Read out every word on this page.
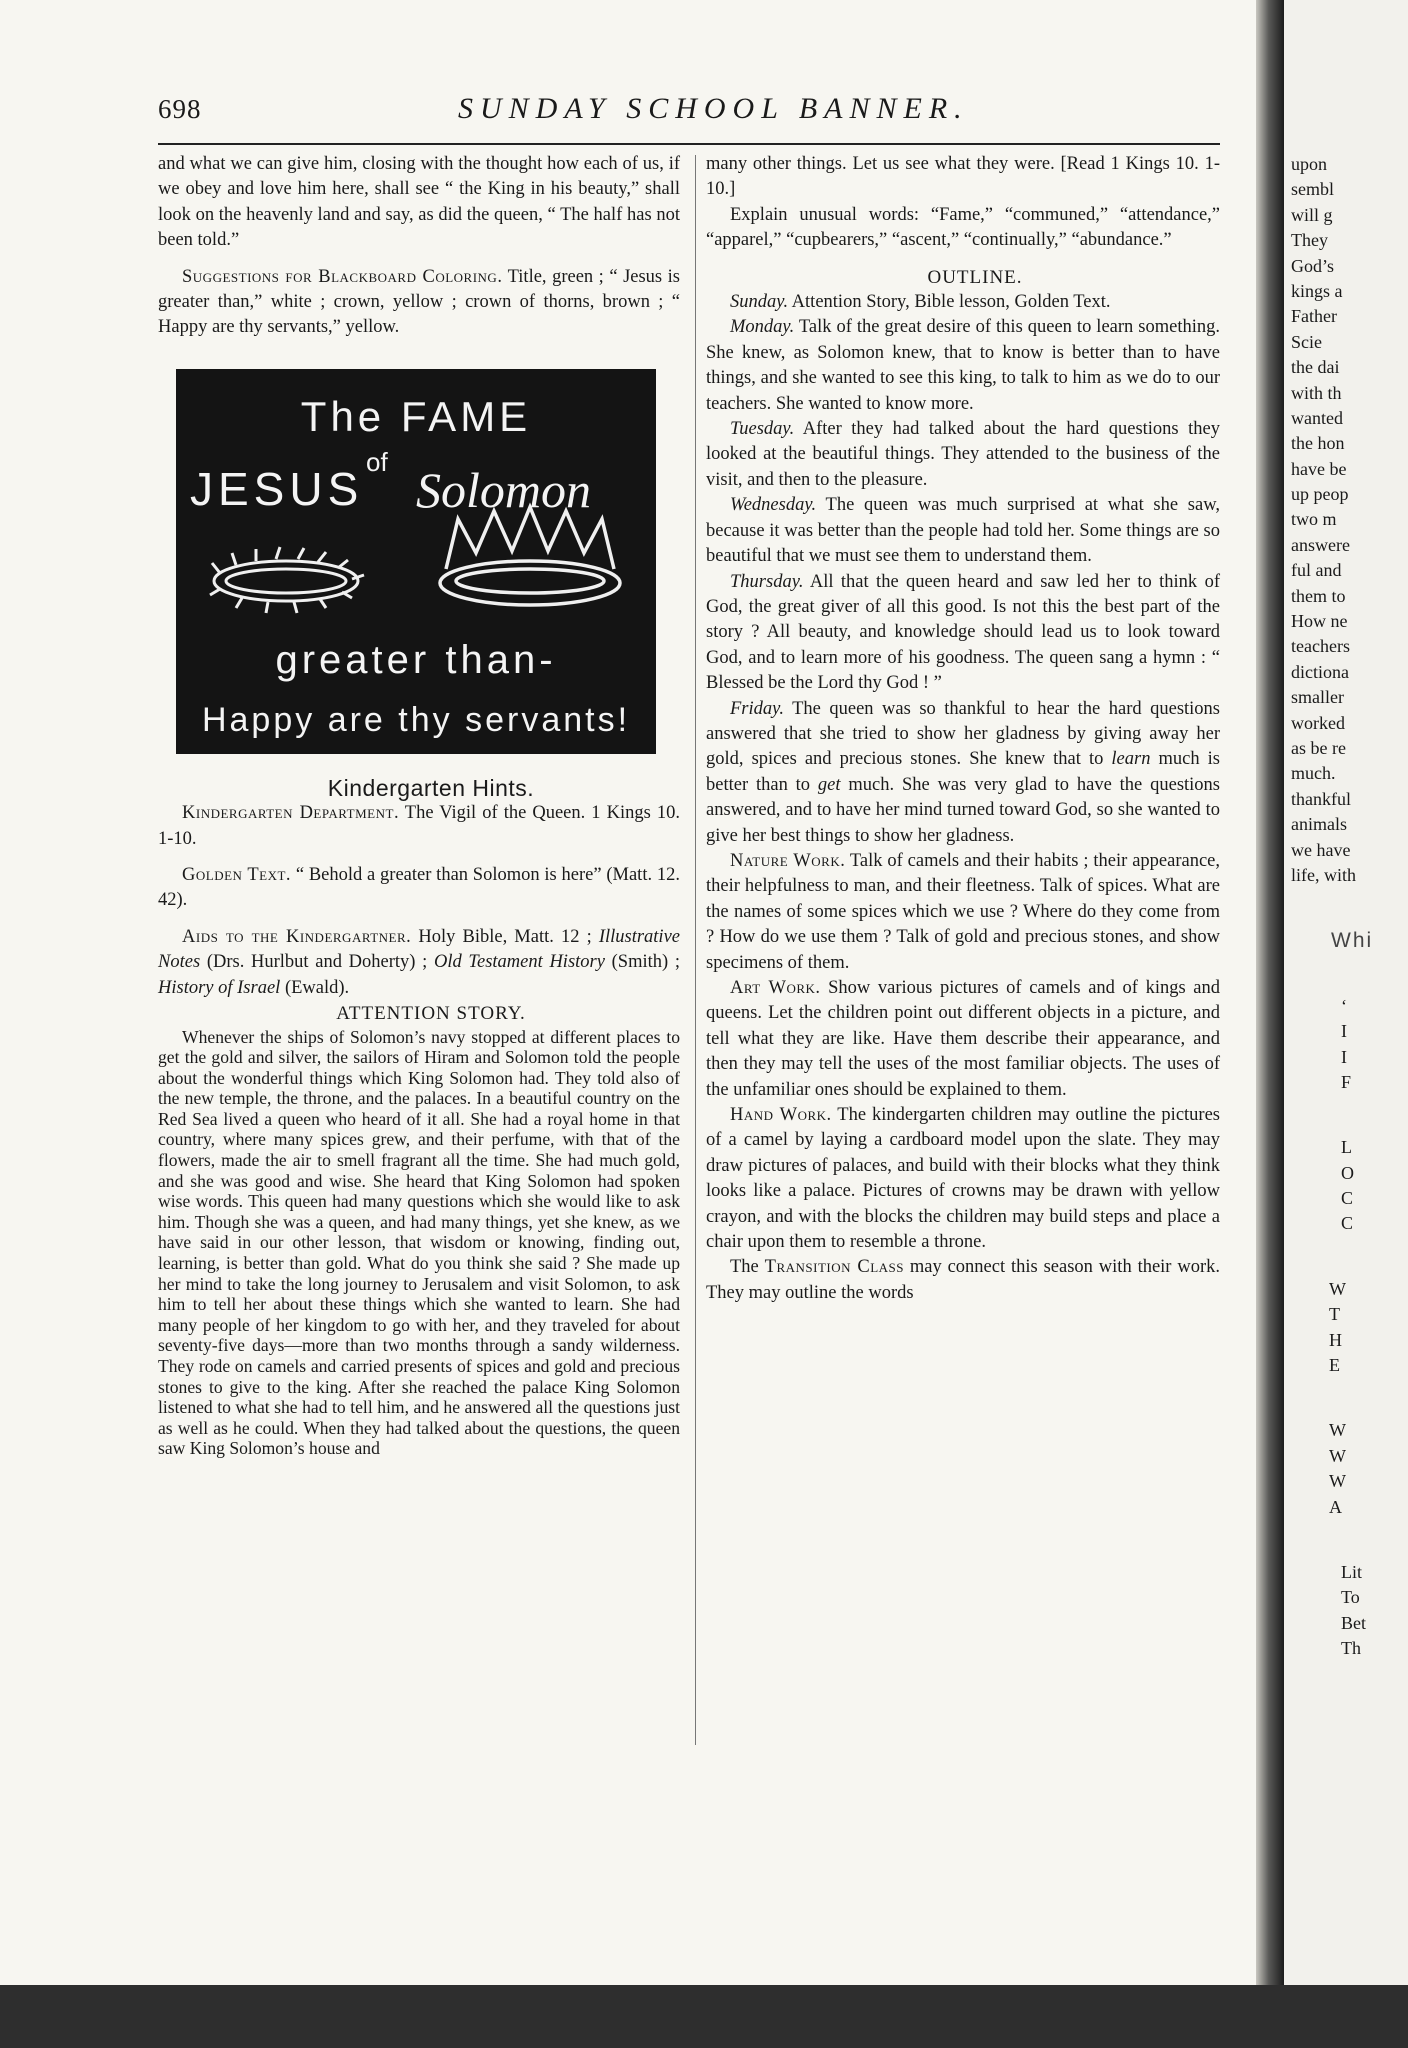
698	SUNDAY SCHOOL BANNER.

and what we can give him, closing with the thought how each of us, if we obey and love him here, shall see “ the King in his beauty,” shall look on the heavenly land and say, as did the queen, “ The half has not been told.”

Suggestions for Blackboard Coloring. Title, green ; “ Jesus is greater than,” white ; crown, yellow ; crown of thorns, brown ; “ Happy are thy servants,” yellow.

The FAME
JESUS
of Solomon
greater than-
Happy are thy servants!

Kindergarten Hints.

Kindergarten Department. The Vigil of the Queen. 1 Kings 10. 1-10.

Golden Text. “ Behold a greater than Solomon is here” (Matt. 12. 42).

Aids to the Kindergartner. Holy Bible, Matt. 12 ; Illustrative Notes (Drs. Hurlbut and Doherty) ; Old Testament History (Smith) ; History of Israel (Ewald).

ATTENTION STORY.

Whenever the ships of Solomon’s navy stopped at different places to get the gold and silver, the sailors of Hiram and Solomon told the people about the wonderful things which King Solomon had. They told also of the new temple, the throne, and the palaces. In a beautiful country on the Red Sea lived a queen who heard of it all. She had a royal home in that country, where many spices grew, and their perfume, with that of the flowers, made the air to smell fragrant all the time. She had much gold, and she was good and wise. She heard that King Solomon had spoken wise words. This queen had many questions which she would like to ask him. Though she was a queen, and had many things, yet she knew, as we have said in our other lesson, that wisdom or knowing, finding out, learning, is better than gold. What do you think she said ? She made up her mind to take the long journey to Jerusalem and visit Solomon, to ask him to tell her about these things which she wanted to learn. She had many people of her kingdom to go with her, and they traveled for about seventy-five days—more than two months through a sandy wilderness. They rode on camels and carried presents of spices and gold and precious stones to give to the king. After she reached the palace King Solomon listened to what she had to tell him, and he answered all the questions just as well as he could. When they had talked about the questions, the queen saw King Solomon’s house and

many other things. Let us see what they were. [Read 1 Kings 10. 1-10.]

Explain unusual words: “Fame,” “communed,” “attendance,” “apparel,” “cupbearers,” “ascent,” “continually,” “abundance.”

OUTLINE.

Sunday. Attention Story, Bible lesson, Golden Text.

Monday. Talk of the great desire of this queen to learn something. She knew, as Solomon knew, that to know is better than to have things, and she wanted to see this king, to talk to him as we do to our teachers. She wanted to know more.

Tuesday. After they had talked about the hard questions they looked at the beautiful things. They attended to the business of the visit, and then to the pleasure.

Wednesday. The queen was much surprised at what she saw, because it was better than the people had told her. Some things are so beautiful that we must see them to understand them.

Thursday. All that the queen heard and saw led her to think of God, the great giver of all this good. Is not this the best part of the story ? All beauty, and knowledge should lead us to look toward God, and to learn more of his goodness. The queen sang a hymn : “ Blessed be the Lord thy God ! ”

Friday. The queen was so thankful to hear the hard questions answered that she tried to show her gladness by giving away her gold, spices and precious stones. She knew that to learn much is better than to get much. She was very glad to have the questions answered, and to have her mind turned toward God, so she wanted to give her best things to show her gladness.

Nature Work. Talk of camels and their habits ; their appearance, their helpfulness to man, and their fleetness. Talk of spices. What are the names of some spices which we use ? Where do they come from ? How do we use them ? Talk of gold and precious stones, and show specimens of them.

Art Work. Show various pictures of camels and of kings and queens. Let the children point out different objects in a picture, and tell what they are like. Have them describe their appearance, and then they may tell the uses of the most familiar objects. The uses of the unfamiliar ones should be explained to them.

Hand Work. The kindergarten children may outline the pictures of a camel by laying a cardboard model upon the slate. They may draw pictures of palaces, and build with their blocks what they think looks like a palace. Pictures of crowns may be drawn with yellow crayon, and with the blocks the children may build steps and place a chair upon them to resemble a throne.

The Transition Class may connect this season with their work. They may outline the words

upon
sembl
will g
They
God’s
kings a
Father
Scie
the dai
with th
wanted
the hon
have be
up peop
two m
answere
ful and
them to
How ne
teachers
dictiona
smaller
worked
as be re
much.
thankful
animals
we have
life, with
Whi
‘
I
I
F
L
O
C
C
W
T
H
E
W
W
W
A
Lit
To
Bet
Th
